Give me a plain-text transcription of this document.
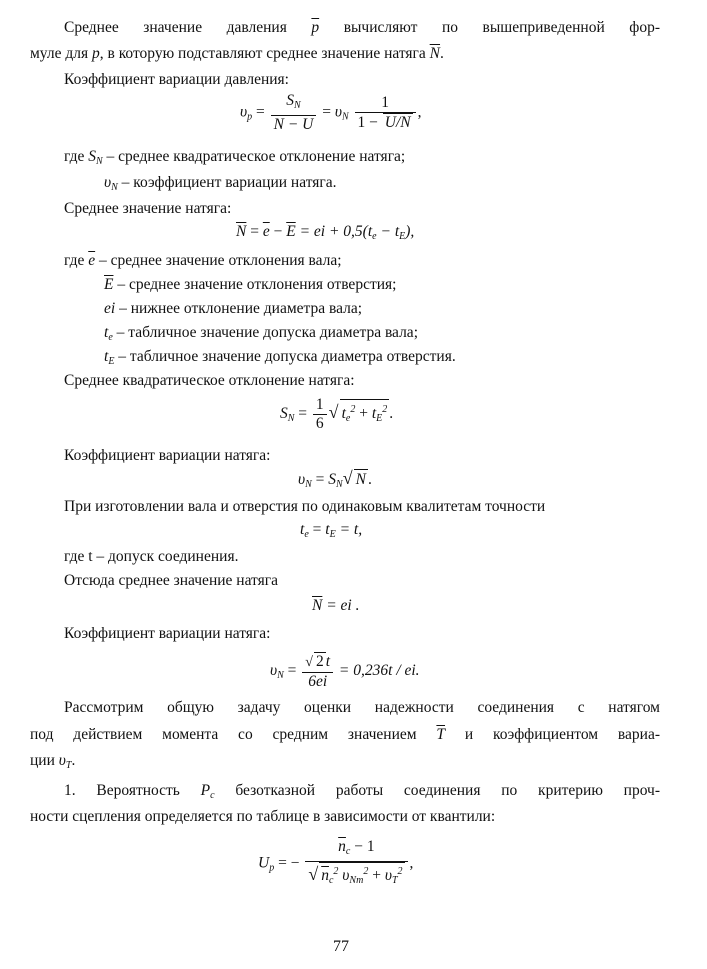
Среднее значение давления $\overline{p}$ вычисляют по вышеприведенной фор-
муле для p, в которую подставляют среднее значение натяга $\overline{N}$.
Коэффициент вариации давления:
$\upsilon_p = \frac{S_N}{N - U} = \upsilon_N \frac{1}{1 - U/N}$ ,
где $S_N$ – среднее квадратическое отклонение натяга;
$\upsilon_N$ – коэффициент вариации натяга.
Среднее значение натяга:
$\overline{N} = \overline{e} - \overline{E}$ = ei + $0,5(t_e - t_E)$,
где $\overline{e}$ – среднее значение отклонения вала;
$\overline{E}$ – среднее значение отклонения отверстия;
ei – нижнее отклонение диаметра вала;
$t_e$ – табличное значение допуска диаметра вала;
$t_E$ – табличное значение допуска диаметра отверстия.
Среднее квадратическое отклонение натяга:
$S_N = \frac{1}{6}$ √ $t_e^2 + t_E^2$ .
Коэффициент вариации натяга:
$\upsilon_N = S_N√$ N .
При изготовлении вала и отверстия по одинаковым квалитетам точности
$t_e = t_E = t$,
где t – допуск соединения.
Отсюда среднее значение натяга
$\overline{N}$ = ei .
Коэффициент вариации натяга:
$\upsilon_N = \frac{√ 2 t}{6ei} = 0,236t$ / ei.
Рассмотрим общую задачу оценки надежности соединения с натягом
под действием момента со средним значением $\overline{T}$ и коэффициентом вариа-
ции $\upsilon_T$.
1. Вероятность $P_c$ безотказной работы соединения по критерию проч-
ности сцепления определяется по таблице в зависимости от квантили:
$U_p$ = − $\frac{\overline{n}_c - 1}{√ n_c^2 \upsilon_{Nm}^2 + \upsilon_T^2}$ ,
77
